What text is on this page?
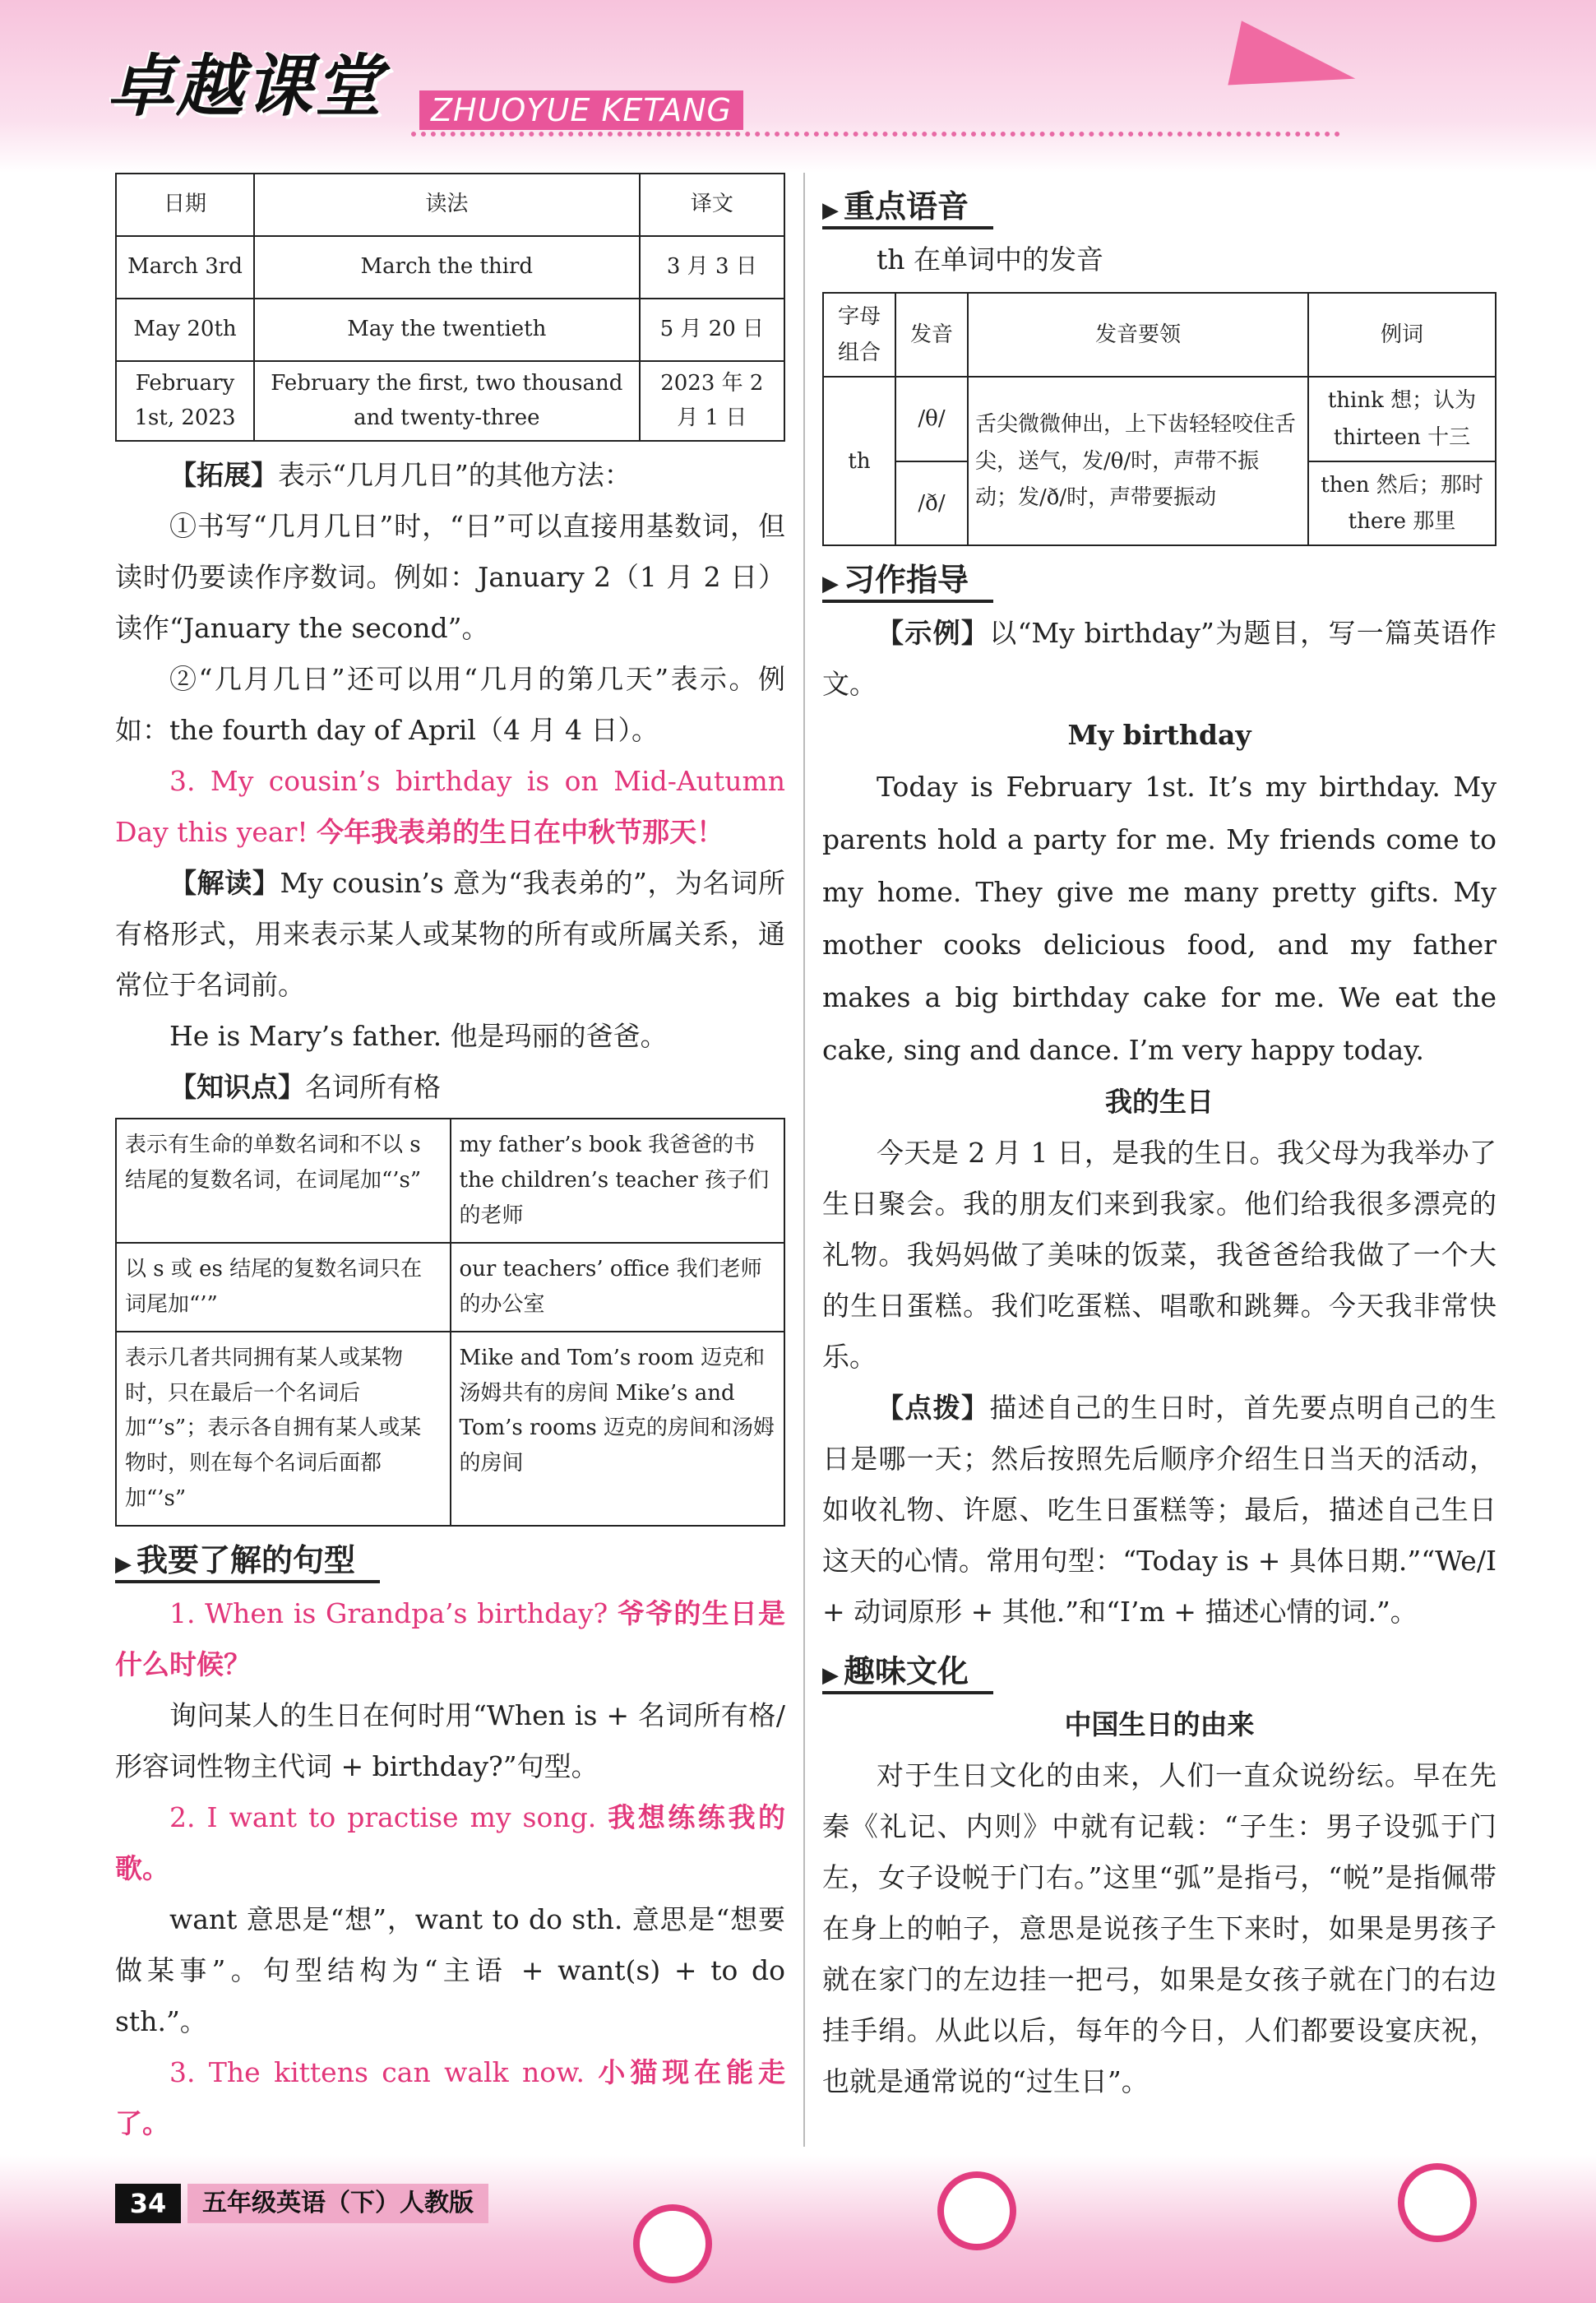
卓越课堂	ZHUOYUE KETANG
日期	读法	译文
March 3rd	March the third	3 月 3 日
May 20th	May the twentieth	5 月 20 日
February 1st, 2023	February the first, two thousand and twenty-three	2023 年 2 月 1 日

【拓展】表示“几月几日”的其他方法：

①书写“几月几日”时，“日”可以直接用基数词，但读时仍要读作序数词。例如：January 2（1 月 2 日）读作“January the second”。

②“几月几日”还可以用“几月的第几天”表示。例如：the fourth day of April（4 月 4 日）。

3. My cousin’s birthday is on Mid-Autumn Day this year! 今年我表弟的生日在中秋节那天！

【解读】My cousin’s 意为“我表弟的”，为名词所有格形式，用来表示某人或某物的所有或所属关系，通常位于名词前。

He is Mary’s father. 他是玛丽的爸爸。

【知识点】名词所有格

表示有生命的单数名词和不以 s 结尾的复数名词，在词尾加“’s”	my father’s book 我爸爸的书 the children’s teacher 孩子们的老师
以 s 或 es 结尾的复数名词只在词尾加“’”	our teachers’ office 我们老师的办公室
表示几者共同拥有某人或某物时，只在最后一个名词后加“’s”；表示各自拥有某人或某物时，则在每个名词后面都加“’s”	Mike and Tom’s room 迈克和汤姆共有的房间 Mike’s and Tom’s rooms 迈克的房间和汤姆的房间
▶ 我要了解的句型

1. When is Grandpa’s birthday? 爷爷的生日是什么时候？

询问某人的生日在何时用“When is + 名词所有格/形容词性物主代词 + birthday?”句型。

2. I want to practise my song. 我想练练我的歌。

want 意思是“想”，want to do sth. 意思是“想要做某事”。句型结构为“主语 + want(s) + to do sth.”。

3. The kittens can walk now. 小猫现在能走了。

▶ 重点语音

th 在单词中的发音

字母组合	发音	发音要领	例词
th	/θ/	舌尖微微伸出，上下齿轻轻咬住舌尖，送气，发/θ/时，声带不振动；发/ð/时，声带要振动	think 想；认为 thirteen 十三
	/ð/		then 然后；那时 there 那里
▶ 习作指导

【示例】以“My birthday”为题目，写一篇英语作文。

My birthday

Today is February 1st. It’s my birthday. My parents hold a party for me. My friends come to my home. They give me many pretty gifts. My mother cooks delicious food, and my father makes a big birthday cake for me. We eat the cake, sing and dance. I’m very happy today.

我的生日

今天是 2 月 1 日，是我的生日。我父母为我举办了生日聚会。我的朋友们来到我家。他们给我很多漂亮的礼物。我妈妈做了美味的饭菜，我爸爸给我做了一个大的生日蛋糕。我们吃蛋糕、唱歌和跳舞。今天我非常快乐。

【点拨】描述自己的生日时，首先要点明自己的生日是哪一天；然后按照先后顺序介绍生日当天的活动，如收礼物、许愿、吃生日蛋糕等；最后，描述自己生日这天的心情。常用句型：“Today is + 具体日期.”“We/I + 动词原形 + 其他.”和“I’m + 描述心情的词.”。

▶ 趣味文化

中国生日的由来

对于生日文化的由来，人们一直众说纷纭。早在先秦《礼记、内则》中就有记载：“子生：男子设弧于门左，女子设帨于门右。”这里“弧”是指弓，“帨”是指佩带在身上的帕子，意思是说孩子生下来时，如果是男孩子就在家门的左边挂一把弓，如果是女孩子就在门的右边挂手绢。从此以后，每年的今日，人们都要设宴庆祝，也就是通常说的“过生日”。

34	五年级英语（下）人教版
